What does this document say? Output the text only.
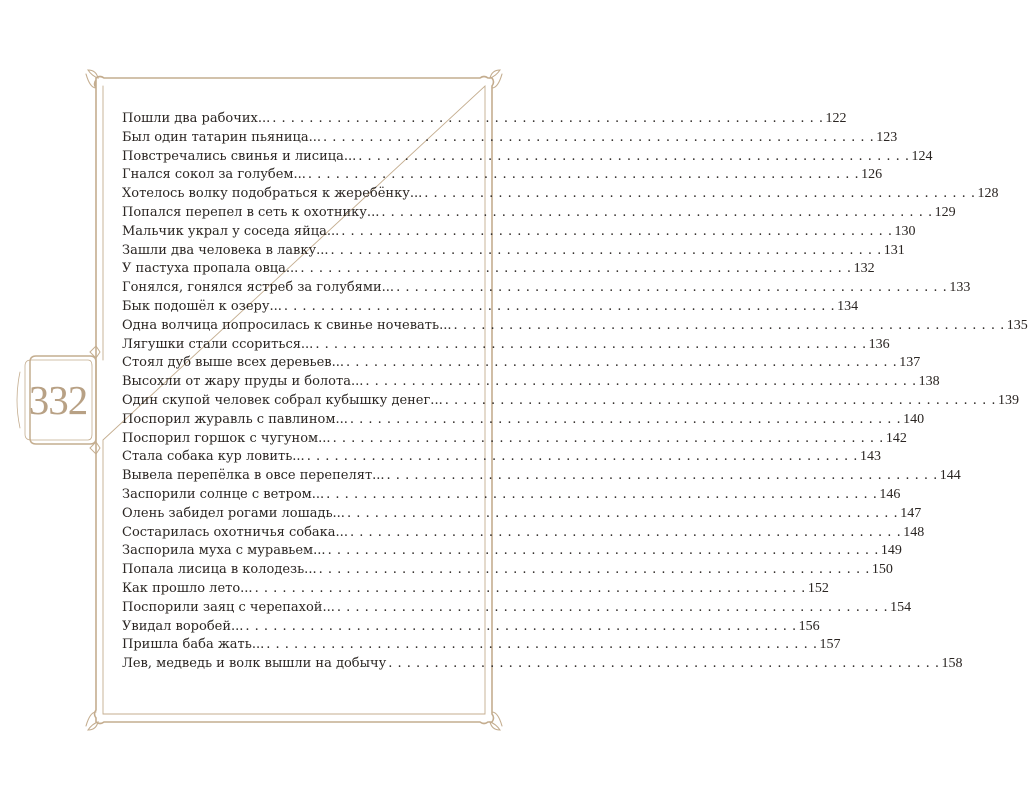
332
Пошли два рабочих... . . .	122
Был один татарин пьяница... . . .	123
Повстречались свинья и лисица... . . .	124
Гнался сокол за голубем... . . .	126
Хотелось волку подобраться к жеребёнку... . . .	128
Попался перепел в сеть к охотнику... . . .	129
Мальчик украл у соседа яйца... . . .	130
Зашли два человека в лавку... . . .	131
У пастуха пропала овца... . . .	132
Гонялся, гонялся ястреб за голубями... . . .	133
Бык подошёл к озеру... . . .	134
Одна волчица попросилась к свинье ночевать... . . .	135
Лягушки стали ссориться... . . .	136
Стоял дуб выше всех деревьев... . . .	137
Высохли от жару пруды и болота... . . .	138
Один скупой человек собрал кубышку денег... . . .	139
Поспорил журавль с павлином... . . .	140
Поспорил горшок с чугуном... . . .	142
Стала собака кур ловить... . . .	143
Вывела перепёлка в овсе перепелят... . . .	144
Заспорили солнце с ветром... . . .	146
Олень забидел рогами лошадь... . . .	147
Состарилась охотничья собака... . . .	148
Заспорила муха с муравьем... . . .	149
Попала лисица в колодезь... . . .	150
Как прошло лето... . . .	152
Поспорили заяц с черепахой... . . .	154
Увидал воробей... . . .	156
Пришла баба жать... . . .	157
Лев, медведь и волк вышли на добычу . . .	158
